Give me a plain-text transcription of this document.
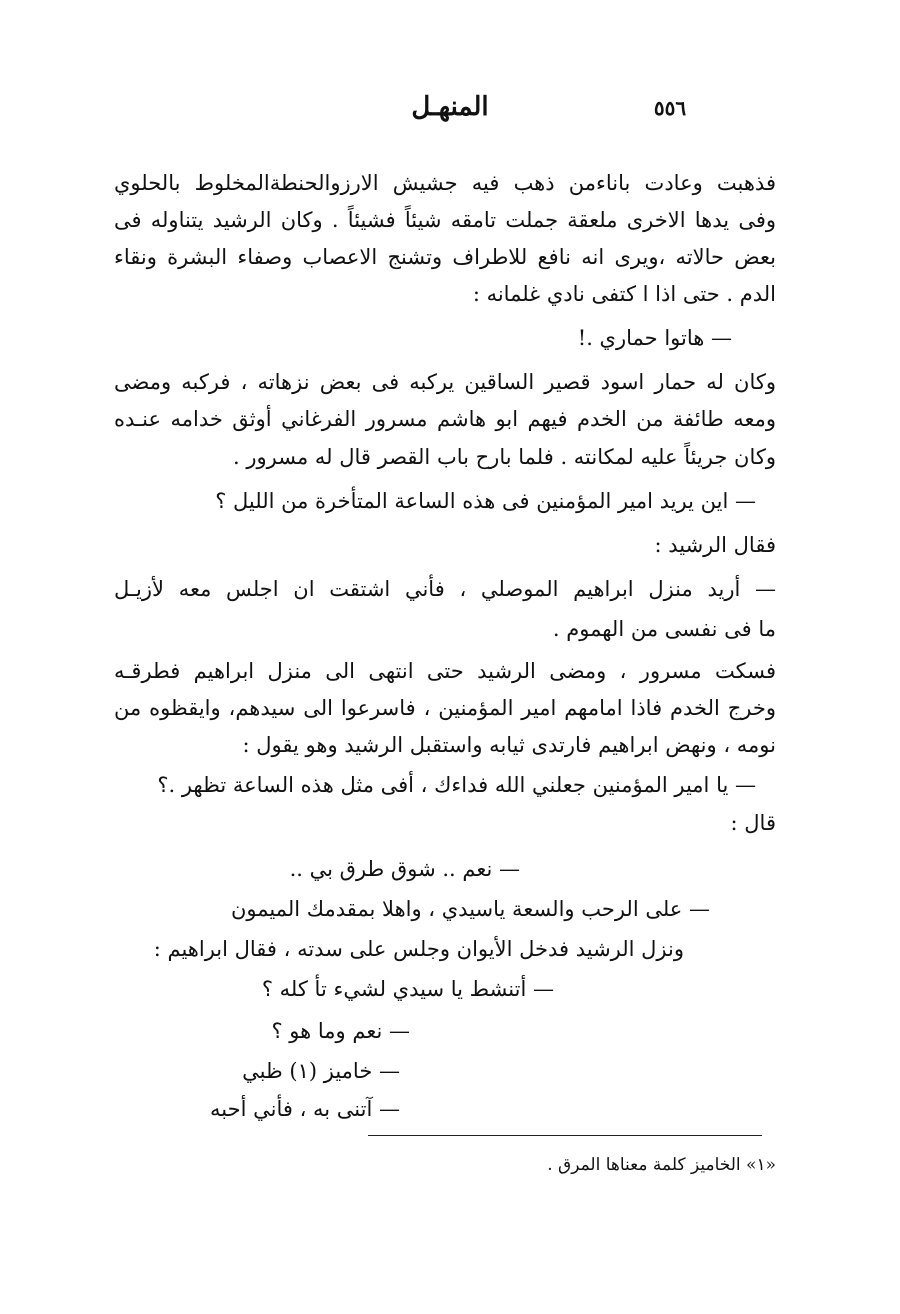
المنهـل	٥٥٦
فذهبت وعادت باناءمن ذهب فيه جشيش الارزوالحنطةالمخلوط بالحلوي
وفى يدها الاخرى ملعقة جملت تامقه شيئاً فشيئاً . وكان الرشيد يتناوله فى
بعض حالاته ،ويرى انه نافع للاطراف وتشنج الاعصاب وصفاء البشرة ونقاء
الدم . حتى اذا ا كتفى نادي غلمانه :
— هاتوا حماري .!
وكان له حمار اسود قصير الساقين يركبه فى بعض نزهاته ، فركبه ومضى
ومعه طائفة من الخدم فيهم ابو هاشم مسرور الفرغاني أوثق خدامه عنـده
وكان جريئاً عليه لمكانته . فلما بارح باب القصر قال له مسرور .
— اين يريد امير المؤمنين فى هذه الساعة المتأخرة من الليل ؟
فقال الرشيد :
— أريد منزل ابراهيم الموصلي ، فأني اشتقت ان اجلس معه لأزيـل
ما فى نفسى من الهموم .
فسكت مسرور ، ومضى الرشيد حتى انتهى الى منزل ابراهيم فطرقـه
وخرج الخدم فاذا امامهم امير المؤمنين ، فاسرعوا الى سيدهم، وايقظوه من
نومه ، ونهض ابراهيم فارتدى ثيابه واستقبل الرشيد وهو يقول :
— يا امير المؤمنين جعلني الله فداءك ، أفى مثل هذه الساعة تظهر .؟
قال :
— نعم .. شوق طرق بي ..
— على الرحب والسعة ياسيدي ، واهلا بمقدمك الميمون
ونزل الرشيد فدخل الأيوان وجلس على سدته ، فقال ابراهيم :
— أتنشط يا سيدي لشيء تأ كله ؟
— نعم وما هو ؟
— خاميز (١) ظبي
— آتنى به ، فأني أحبه
«١» الخاميز كلمة معناها المرق .
